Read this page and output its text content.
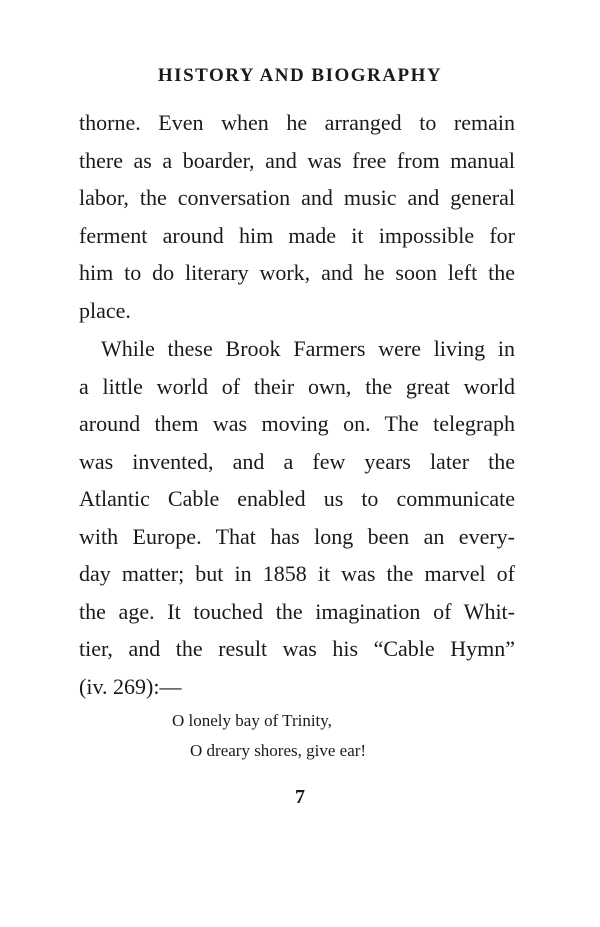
HISTORY AND BIOGRAPHY
thorne. Even when he arranged to remain
there as a boarder, and was free from manual
labor, the conversation and music and general
ferment around him made it impossible for
him to do literary work, and he soon left the
place.
While these Brook Farmers were living in
a little world of their own, the great world
around them was moving on. The telegraph
was invented, and a few years later the
Atlantic Cable enabled us to communicate
with Europe. That has long been an every-
day matter; but in 1858 it was the marvel of
the age. It touched the imagination of Whit-
tier, and the result was his “Cable Hymn”
(iv. 269):—
O lonely bay of Trinity,
O dreary shores, give ear!
7
